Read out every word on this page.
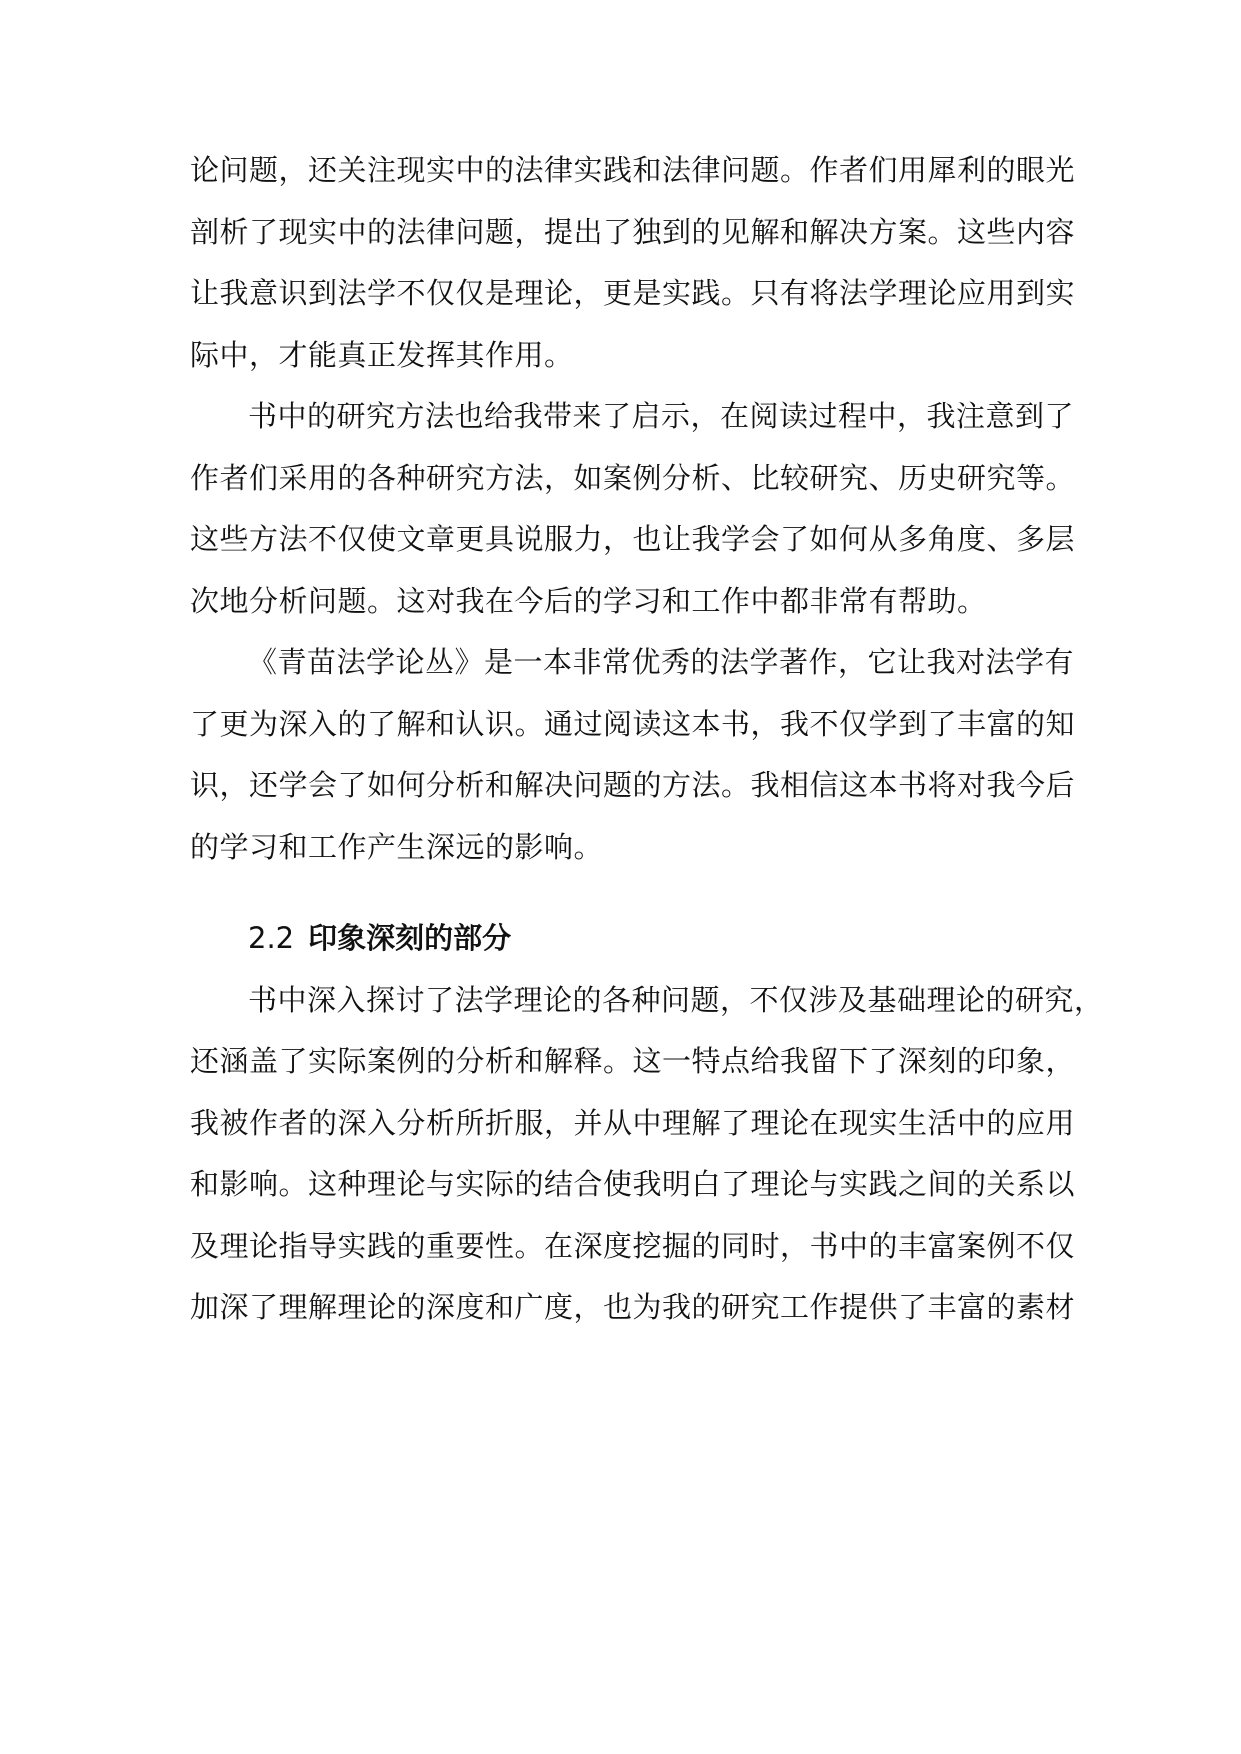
论问题，还关注现实中的法律实践和法律问题。作者们用犀利的眼光
剖析了现实中的法律问题，提出了独到的见解和解决方案。这些内容
让我意识到法学不仅仅是理论，更是实践。只有将法学理论应用到实
际中，才能真正发挥其作用。
书中的研究方法也给我带来了启示，在阅读过程中，我注意到了
作者们采用的各种研究方法，如案例分析、比较研究、历史研究等。
这些方法不仅使文章更具说服力，也让我学会了如何从多角度、多层
次地分析问题。这对我在今后的学习和工作中都非常有帮助。
《青苗法学论丛》是一本非常优秀的法学著作，它让我对法学有
了更为深入的了解和认识。通过阅读这本书，我不仅学到了丰富的知
识，还学会了如何分析和解决问题的方法。我相信这本书将对我今后
的学习和工作产生深远的影响。
2.2 印象深刻的部分
书中深入探讨了法学理论的各种问题，不仅涉及基础理论的研究，
还涵盖了实际案例的分析和解释。这一特点给我留下了深刻的印象，
我被作者的深入分析所折服，并从中理解了理论在现实生活中的应用
和影响。这种理论与实际的结合使我明白了理论与实践之间的关系以
及理论指导实践的重要性。在深度挖掘的同时，书中的丰富案例不仅
加深了理解理论的深度和广度，也为我的研究工作提供了丰富的素材
